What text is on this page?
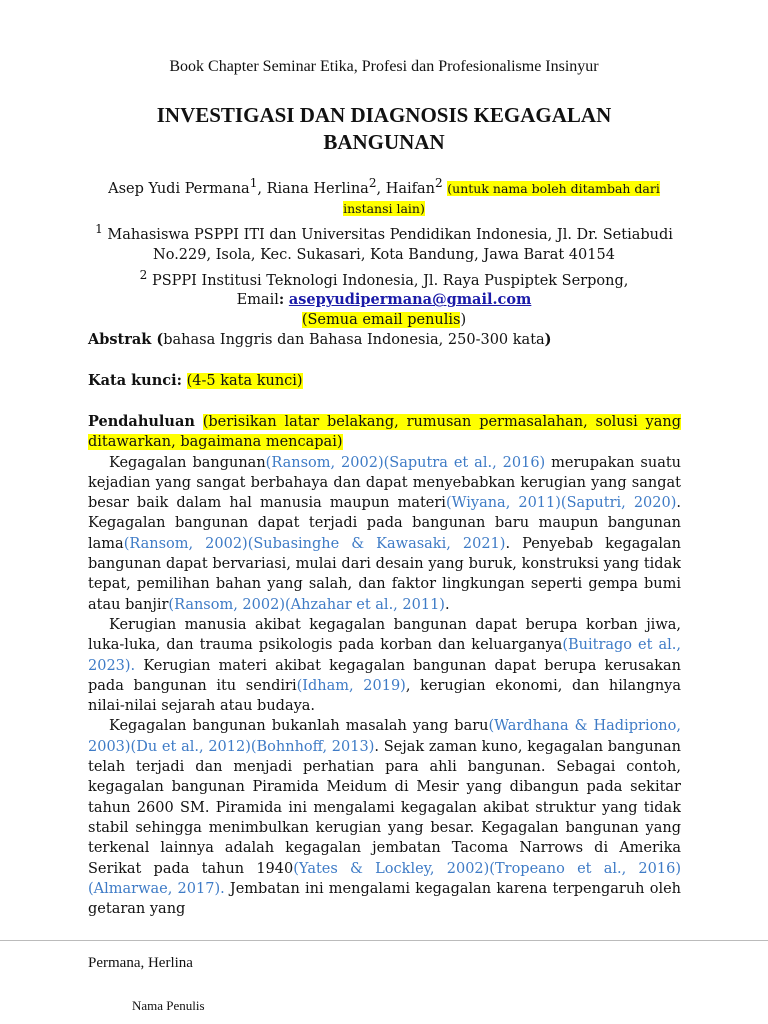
Book Chapter Seminar Etika, Profesi dan Profesionalisme Insinyur
INVESTIGASI DAN DIAGNOSIS KEGAGALAN
BANGUNAN
Asep Yudi Permana$^1$, Riana Herlina$^2$, Haifan$^2$ (untuk nama boleh ditambah dari instansi lain)
$^1$ Mahasiswa PSPPI ITI dan Universitas Pendidikan Indonesia, Jl. Dr. Setiabudi No.229, Isola, Kec. Sukasari, Kota Bandung, Jawa Barat 40154
$^2$ PSPPI Institusi Teknologi Indonesia, Jl. Raya Puspiptek Serpong,
Email: asepyudipermana@gmail.com
(Semua email penulis)
Abstrak (bahasa Inggris dan Bahasa Indonesia, 250-300 kata)
Kata kunci: (4-5 kata kunci)

Pendahuluan (berisikan latar belakang, rumusan permasalahan, solusi yang ditawarkan, bagaimana mencapai)

Kegagalan bangunan(Ransom, 2002)(Saputra et al., 2016) merupakan suatu kejadian yang sangat berbahaya dan dapat menyebabkan kerugian yang sangat besar baik dalam hal manusia maupun materi(Wiyana, 2011)(Saputri, 2020). Kegagalan bangunan dapat terjadi pada bangunan baru maupun bangunan lama(Ransom, 2002)(Subasinghe & Kawasaki, 2021). Penyebab kegagalan bangunan dapat bervariasi, mulai dari desain yang buruk, konstruksi yang tidak tepat, pemilihan bahan yang salah, dan faktor lingkungan seperti gempa bumi atau banjir(Ransom, 2002)(Ahzahar et al., 2011).

Kerugian manusia akibat kegagalan bangunan dapat berupa korban jiwa, luka-luka, dan trauma psikologis pada korban dan keluarganya(Buitrago et al., 2023). Kerugian materi akibat kegagalan bangunan dapat berupa kerusakan pada bangunan itu sendiri(Idham, 2019), kerugian ekonomi, dan hilangnya nilai-nilai sejarah atau budaya.

Kegagalan bangunan bukanlah masalah yang baru(Wardhana & Hadipriono, 2003)(Du et al., 2012)(Bohnhoff, 2013). Sejak zaman kuno, kegagalan bangunan telah terjadi dan menjadi perhatian para ahli bangunan. Sebagai contoh, kegagalan bangunan Piramida Meidum di Mesir yang dibangun pada sekitar tahun 2600 SM. Piramida ini mengalami kegagalan akibat struktur yang tidak stabil sehingga menimbulkan kerugian yang besar. Kegagalan bangunan yang terkenal lainnya adalah kegagalan jembatan Tacoma Narrows di Amerika Serikat pada tahun 1940(Yates & Lockley, 2002)(Tropeano et al., 2016)(Almarwae, 2017). Jembatan ini mengalami kegagalan karena terpengaruh oleh getaran yang

Permana, Herlina
Nama Penulis
